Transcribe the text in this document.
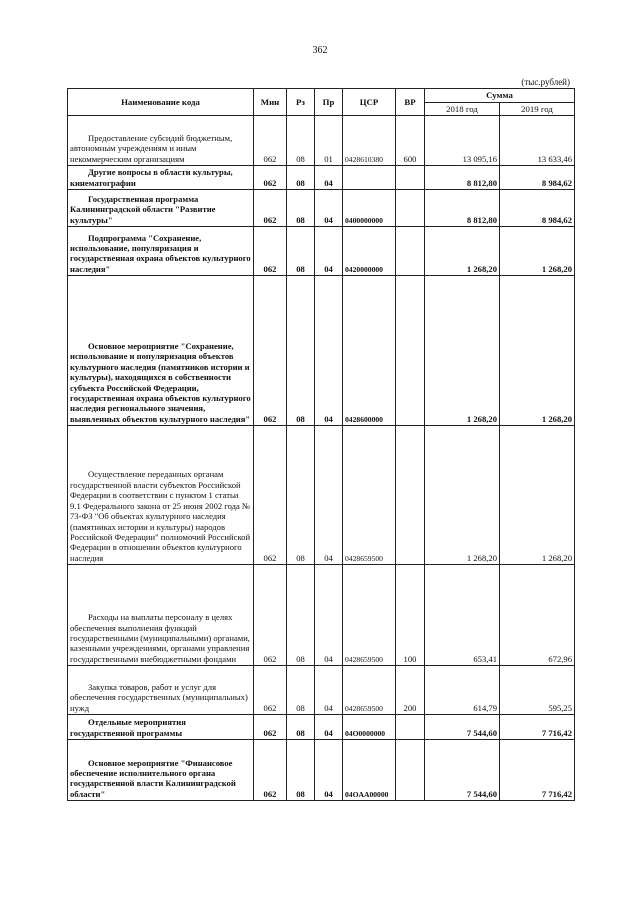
362
(тыс.рублей)
Наименование кода	Мин	Рз	Пр	ЦСР	ВР	Сумма	
						2018 год	2019 год
Предоставление субсидий бюджетным, автономным учреждениям и иным некоммерческим организациям	062	08	01	0428610380	600	13 095,16	13 633,46
Другие вопросы в области культуры, кинематографии	062	08	04			8 812,80	8 984,62
Государственная программа Калининградской области "Развитие культуры"	062	08	04	0400000000		8 812,80	8 984,62
Подпрограмма "Сохранение, использование, популяризация и государственная охрана объектов культурного наследия"	062	08	04	0420000000		1 268,20	1 268,20
Основное мероприятие "Сохранение, использование и популяризация объектов культурного наследия (памятников истории и культуры), находящихся в собственности субъекта Российской Федерации, государственная охрана объектов культурного наследия регионального значения, выявленных объектов культурного наследия"	062	08	04	0428600000		1 268,20	1 268,20
Осуществление переданных органам государственной власти субъектов Российской Федерации в соответствии с пунктом 1 статьи 9.1 Федерального закона от 25 июня 2002 года № 73-ФЗ "Об объектах культурного наследия (памятниках истории и культуры) народов Российской Федерации" полномочий Российской Федерации в отношении объектов культурного наследия	062	08	04	0428659500		1 268,20	1 268,20
Расходы на выплаты персоналу в целях обеспечения выполнения функций государственными (муниципальными) органами, казенными учреждениями, органами управления государственными внебюджетными фондами	062	08	04	0428659500	100	653,41	672,96
Закупка товаров, работ и услуг для обеспечения государственных (муниципальных) нужд	062	08	04	0428659500	200	614,79	595,25
Отдельные мероприятия государственной программы	062	08	04	04O0000000		7 544,60	7 716,42
Основное мероприятие "Финансовое обеспечение исполнительного органа государственной власти Калининградской области"	062	08	04	04OAA00000		7 544,60	7 716,42
